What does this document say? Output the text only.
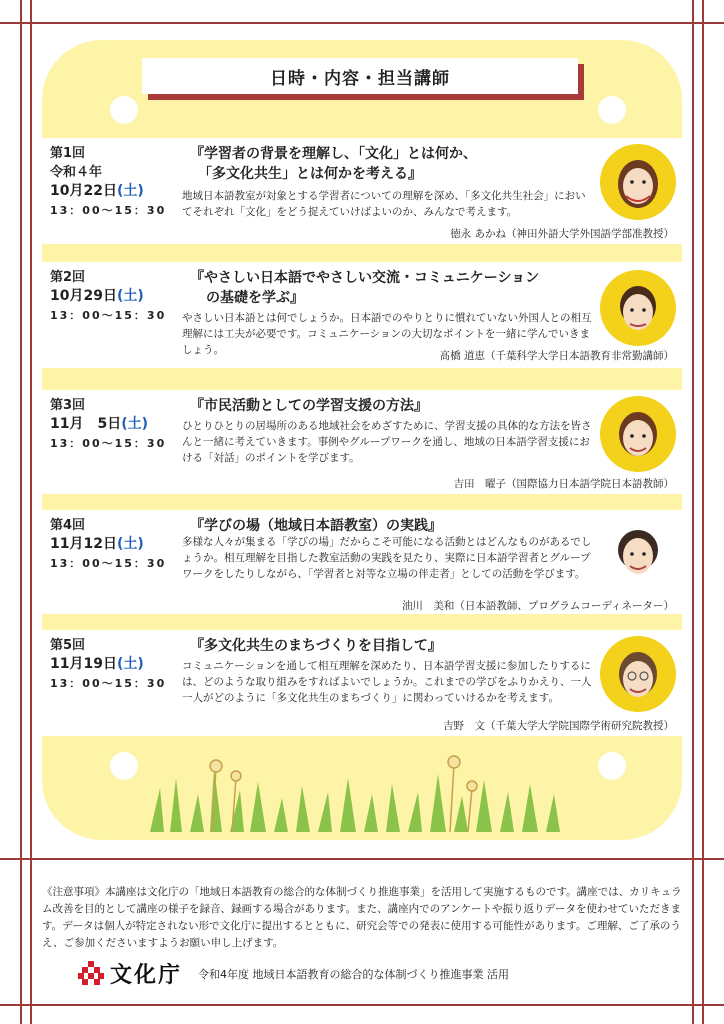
日時・内容・担当講師
第1回
令和４年
10月22日(土)
13：00〜15：30
『学習者の背景を理解し、「文化」とは何か、
「多文化共生」とは何かを考える』
地域日本語教室が対象とする学習者についての理解を深め、「多文化共生社会」においてそれぞれ「文化」をどう捉えていけばよいのか、みんなで考えます。
徳永 あかね（神田外語大学外国語学部准教授）
第2回
10月29日(土)
13：00〜15：30
『やさしい日本語でやさしい交流・コミュニケーション
の基礎を学ぶ』
やさしい日本語とは何でしょうか。日本語でのやりとりに慣れていない外国人との相互理解には工夫が必要です。コミュニケーションの大切なポイントを一緒に学んでいきましょう。	髙橋 道恵（千葉科学大学日本語教育非常勤講師）
第3回
11月　5日(土)
13：00〜15：30
『市民活動としての学習支援の方法』
ひとりひとりの居場所のある地域社会をめざすために、学習支援の具体的な方法を皆さんと一緒に考えていきます。事例やグループワークを通し、地域の日本語学習支援における「対話」のポイントを学びます。
吉田　曜子（国際協力日本語学院日本語教師）
第4回
11月12日(土)
13：00〜15：30
『学びの場（地域日本語教室）の実践』
多様な人々が集まる「学びの場」だからこそ可能になる活動とはどんなものがあるでしょうか。相互理解を目指した教室活動の実践を見たり、実際に日本語学習者とグループワークをしたりしながら、「学習者と対等な立場の伴走者」としての活動を学びます。
油川　美和（日本語教師、プログラムコーディネーター）
第5回
11月19日(土)
13：00〜15：30
『多文化共生のまちづくりを目指して』
コミュニケーションを通して相互理解を深めたり、日本語学習支援に参加したりするには、どのような取り組みをすればよいでしょうか。これまでの学びをふりかえり、一人一人がどのように「多文化共生のまちづくり」に関わっていけるかを考えます。
吉野　文（千葉大学大学院国際学術研究院教授）
《注意事項》本講座は文化庁の「地域日本語教育の総合的な体制づくり推進事業」を活用して実施するものです。講座では、カリキュラム改善を目的として講座の様子を録音、録画する場合があります。また、講座内でのアンケートや振り返りデータを使わせていただきます。データは個人が特定されない形で文化庁に提出するとともに、研究会等での発表に使用する可能性があります。ご理解、ご了承のうえ、ご参加くださいますようお願い申し上げます。
文化庁 令和4年度 地域日本語教育の総合的な体制づくり推進事業 活用
